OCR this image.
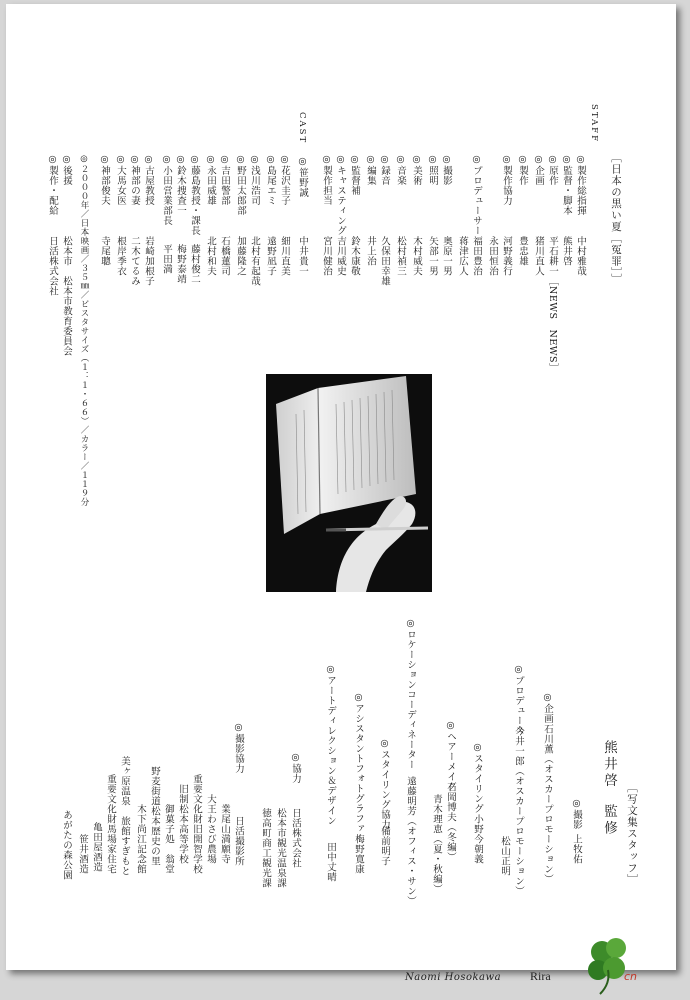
［日本の黒い夏［冤罪］］
STAFF
◎製作総指揮
中村雅哉
◎監督・脚本
熊井啓
◎原作
平石耕一［NEWS　NEWS］
◎企画
猪川直人
◎製作
豊忠雄
◎製作協力
河野義行
永田恒治
◎プロデューサー
福田豊治
蒋津広人
◎撮影
奥原一男
◎照明
矢部一男
◎美術
木村威夫
◎音楽
松村禎三
◎録音
久保田幸雄
◎編集
井上治
◎監督補
鈴木康敬
◎キャスティング
吉川威史
◎製作担当
宮川健治
CAST
◎笹野誠
中井貴一
◎花沢圭子
細川直美
◎島尾エミ
遠野凪子
◎浅川浩司
北村有起哉
◎野田太郎部
加藤隆之
◎吉田警部
石橋蓮司
◎永田威雄
北村和夫
◎藤島教授・課長
藤村俊二
◎鈴木捜査一
梅野泰靖
◎小田営業部長
平田満
◎古屋教授
岩崎加根子
◎神部の妻
二木てるみ
◎大馬女医
根岸季衣
◎神部俊夫
寺尾聰
◎２０００年／日本映画／３５㎜／ビスタサイズ（１：１・６６）／カラー／１１９分
◎後援
松本市　松本市教育委員会
◎製作・配給
日活株式会社
［写文集スタッフ］
熊井啓
監修
◎撮影
上牧佑
◎企画
石川薫（オスカープロモーション）
◎プロデュース
今井一郎（オスカープロモーション）
松山正明
◎スタイリング
小野今朝義
◎ヘアーメイク
石岡博夫（冬編）
青木理恵（夏・秋編）
◎ロケーションコーディネーター
遠藤明芳（オフィス・サン）
◎スタイリング協力
備前明子
◎アシスタントフォトグラファー
梅野寛康
◎アートディレクション＆デザイン
田中丈晴
◎協力
日活株式会社
松本市観光温泉課
徳高町商工観光課
◎撮影協力
日活撮影所
業尾山満願寺
大王わさび農場
重要文化財旧開智学校
旧制松本高等学校
御菓子処　翁堂
野麦街道松本歴史の里
木下尚江記念館
美ヶ原温泉　旅館すぎもと
重要文化財馬場家住宅
亀田屋酒造
笹井酒造
あがたの森公園
Naomi Hosokawa Rira	cn
